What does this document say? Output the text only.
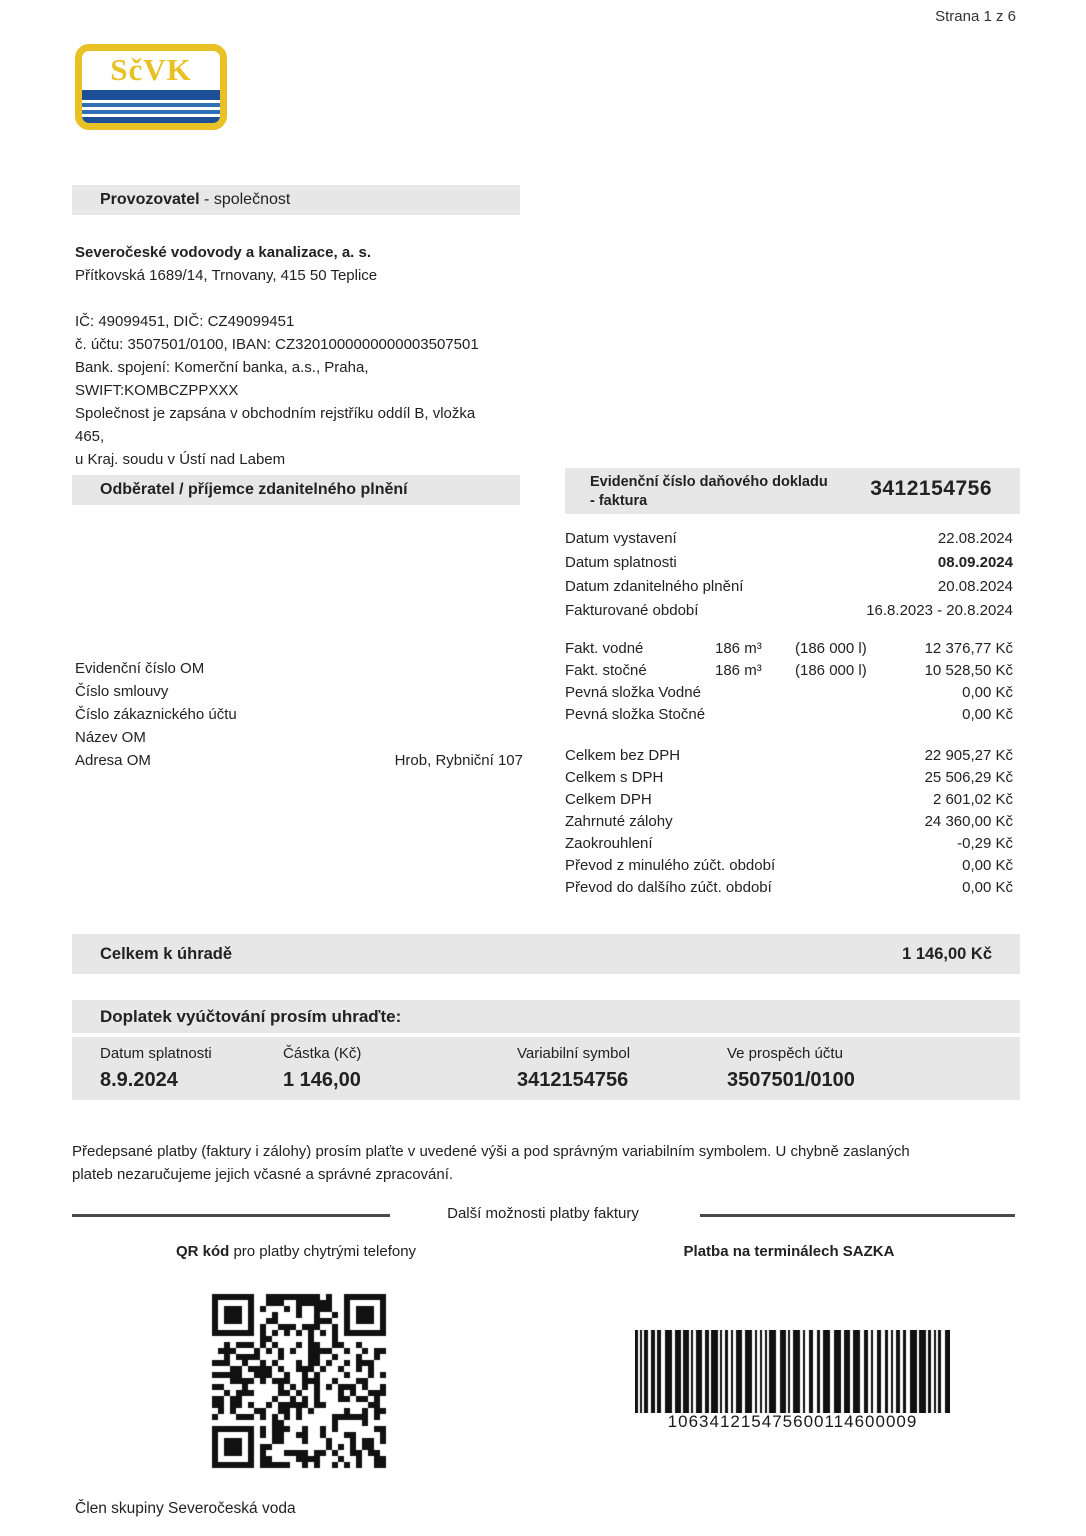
Strana 1 z 6
SčVK
Provozovatel - společnost
Severočeské vodovody a kanalizace, a. s.
Přítkovská 1689/14, Trnovany, 415 50 Teplice
IČ: 49099451, DIČ: CZ49099451
č. účtu: 3507501/0100, IBAN: CZ3201000000000003507501
Bank. spojení: Komerční banka, a.s., Praha,
SWIFT:KOMBCZPPXXX
Společnost je zapsána v obchodním rejstříku oddíl B, vložka
465,
u Kraj. soudu v Ústí nad Labem
Odběratel / příjemce zdanitelného plnění
Evidenční číslo OM
Číslo smlouvy
Číslo zákaznického účtu
Název OM
Adresa OM	Hrob, Rybniční 107
Evidenční číslo daňového dokladu
- faktura
3412154756
Datum vystavení	22.08.2024
Datum splatnosti	08.09.2024
Datum zdanitelného plnění	20.08.2024
Fakturované období	16.8.2023 - 20.8.2024
Fakt. vodné	186 m³ (186 000 l)	12 376,77 Kč
Fakt. stočné	186 m³ (186 000 l)	10 528,50 Kč
Pevná složka Vodné	0,00 Kč
Pevná složka Stočné	0,00 Kč
Celkem bez DPH	22 905,27 Kč
Celkem s DPH	25 506,29 Kč
Celkem DPH	2 601,02 Kč
Zahrnuté zálohy	24 360,00 Kč
Zaokrouhlení	-0,29 Kč
Převod z minulého zúčt. období	0,00 Kč
Převod do dalšího zúčt. období	0,00 Kč
Celkem k úhradě	1 146,00 Kč
Doplatek vyúčtování prosím uhraďte:
Datum splatnosti
8.9.2024
Částka (Kč)
1 146,00
Variabilní symbol
3412154756
Ve prospěch účtu
3507501/0100
Předepsané platby (faktury i zálohy) prosím plaťte v uvedené výši a pod správným variabilním symbolem. U chybně zaslaných
plateb nezaručujeme jejich včasné a správné zpracování.
Další možnosti platby faktury
QR kód pro platby chytrými telefony	Platba na terminálech SAZKA
106341215475600114600009
Člen skupiny Severočeská voda
